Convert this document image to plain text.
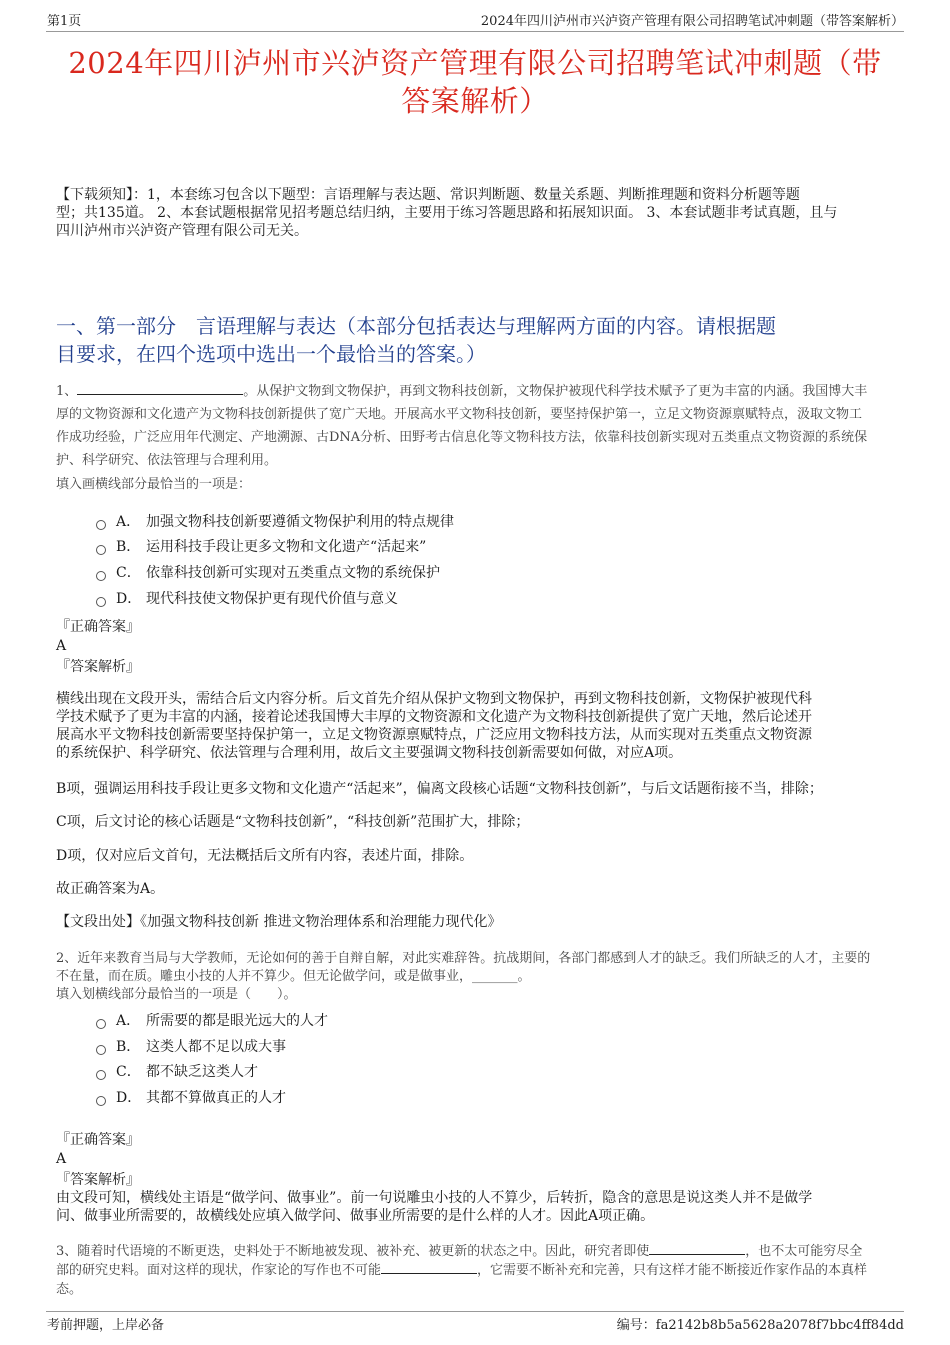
第1页	2024年四川泸州市兴泸资产管理有限公司招聘笔试冲刺题（带答案解析）
2024年四川泸州市兴泸资产管理有限公司招聘笔试冲刺题（带
答案解析）
【下载须知】：1，本套练习包含以下题型：言语理解与表达题、常识判断题、数量关系题、判断推理题和资料分析题等题
型；共135道。 2、本套试题根据常见招考题总结归纳，主要用于练习答题思路和拓展知识面。 3、本套试题非考试真题，且与
四川泸州市兴泸资产管理有限公司无关。
一、第一部分　言语理解与表达（本部分包括表达与理解两方面的内容。请根据题
目要求，在四个选项中选出一个最恰当的答案。）
1、	。从保护文物到文物保护，再到文物科技创新，文物保护被现代科学技术赋予了更为丰富的内涵。我国博大丰
厚的文物资源和文化遗产为文物科技创新提供了宽广天地。开展高水平文物科技创新，要坚持保护第一，立足文物资源禀赋特点，汲取文物工
作成功经验，广泛应用年代测定、产地溯源、古DNA分析、田野考古信息化等文物科技方法，依靠科技创新实现对五类重点文物资源的系统保
护、科学研究、依法管理与合理利用。
填入画横线部分最恰当的一项是：
A． 加强文物科技创新要遵循文物保护利用的特点规律
B． 运用科技手段让更多文物和文化遗产“活起来”
C． 依靠科技创新可实现对五类重点文物的系统保护
D． 现代科技使文物保护更有现代价值与意义
『正确答案』
A
『答案解析』
横线出现在文段开头，需结合后文内容分析。后文首先介绍从保护文物到文物保护，再到文物科技创新，文物保护被现代科
学技术赋予了更为丰富的内涵，接着论述我国博大丰厚的文物资源和文化遗产为文物科技创新提供了宽广天地，然后论述开
展高水平文物科技创新需要坚持保护第一，立足文物资源禀赋特点，广泛应用文物科技方法，从而实现对五类重点文物资源
的系统保护、科学研究、依法管理与合理利用，故后文主要强调文物科技创新需要如何做，对应A项。
B项，强调运用科技手段让更多文物和文化遗产“活起来”，偏离文段核心话题“文物科技创新”，与后文话题衔接不当，排除；
C项，后文讨论的核心话题是“文物科技创新”，“科技创新”范围扩大，排除；
D项，仅对应后文首句，无法概括后文所有内容，表述片面，排除。
故正确答案为A。
【文段出处】《加强文物科技创新 推进文物治理体系和治理能力现代化》
2、近年来教育当局与大学教师，无论如何的善于自辩自解，对此实难辞咎。抗战期间，各部门都感到人才的缺乏。我们所缺乏的人才，主要的
不在量，而在质。雕虫小技的人并不算少。但无论做学问，或是做事业，_______。
填入划横线部分最恰当的一项是（　　）。
A． 所需要的都是眼光远大的人才
B． 这类人都不足以成大事
C． 都不缺乏这类人才
D． 其都不算做真正的人才
『正确答案』
A
『答案解析』
由文段可知，横线处主语是“做学问、做事业”。前一句说雕虫小技的人不算少，后转折，隐含的意思是说这类人并不是做学
问、做事业所需要的，故横线处应填入做学问、做事业所需要的是什么样的人才。因此A项正确。
3、随着时代语境的不断更迭，史料处于不断地被发现、被补充、被更新的状态之中。因此，研究者即使	，也不太可能穷尽全
部的研究史料。面对这样的现状，作家论的写作也不可能	，它需要不断补充和完善，只有这样才能不断接近作家作品的本真样
态。
考前押题，上岸必备	编号：fa2142b8b5a5628a2078f7bbc4ff84dd
